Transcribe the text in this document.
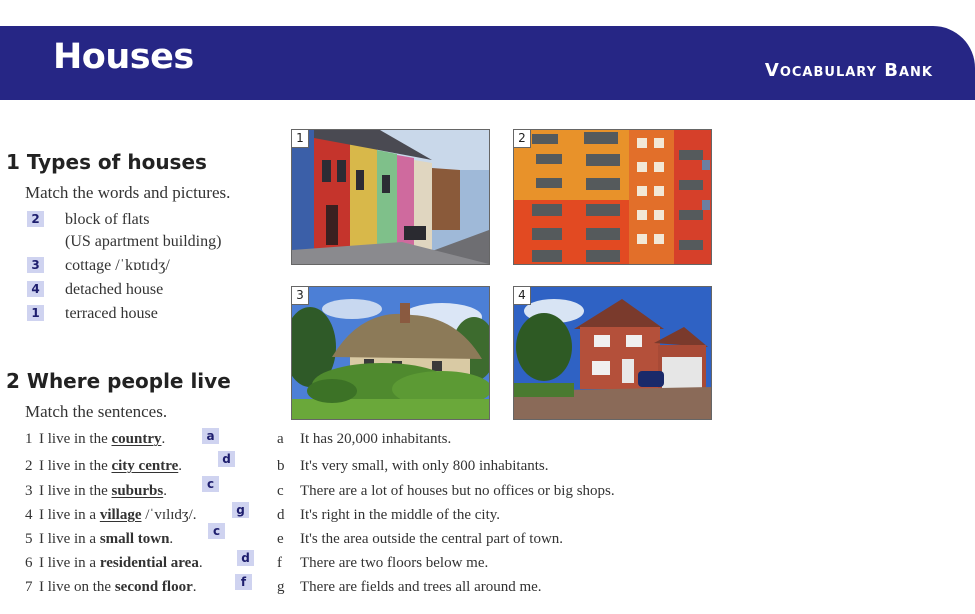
Houses	Vocabulary Bank
1 Types of houses
Match the words and pictures.
2 block of flats
(US apartment building)
3 cottage /ˈkɒtɪdʒ/
4 detached house
1 terraced house
1	2
3	4
2 Where people live
Match the sentences.
1 I live in the country.	a
2 I live in the city centre.	d
3 I live in the suburbs.	c
4 I live in a village /ˈvɪlɪdʒ/.	g
5 I live in a small town.	c
6 I live in a residential area.	d
7 I live on the second floor.	f
a It has 20,000 inhabitants.
b It's very small, with only 800 inhabitants.
c There are a lot of houses but no offices or big shops.
d It's right in the middle of the city.
e It's the area outside the central part of town.
f There are two floors below me.
g There are fields and trees all around me.
